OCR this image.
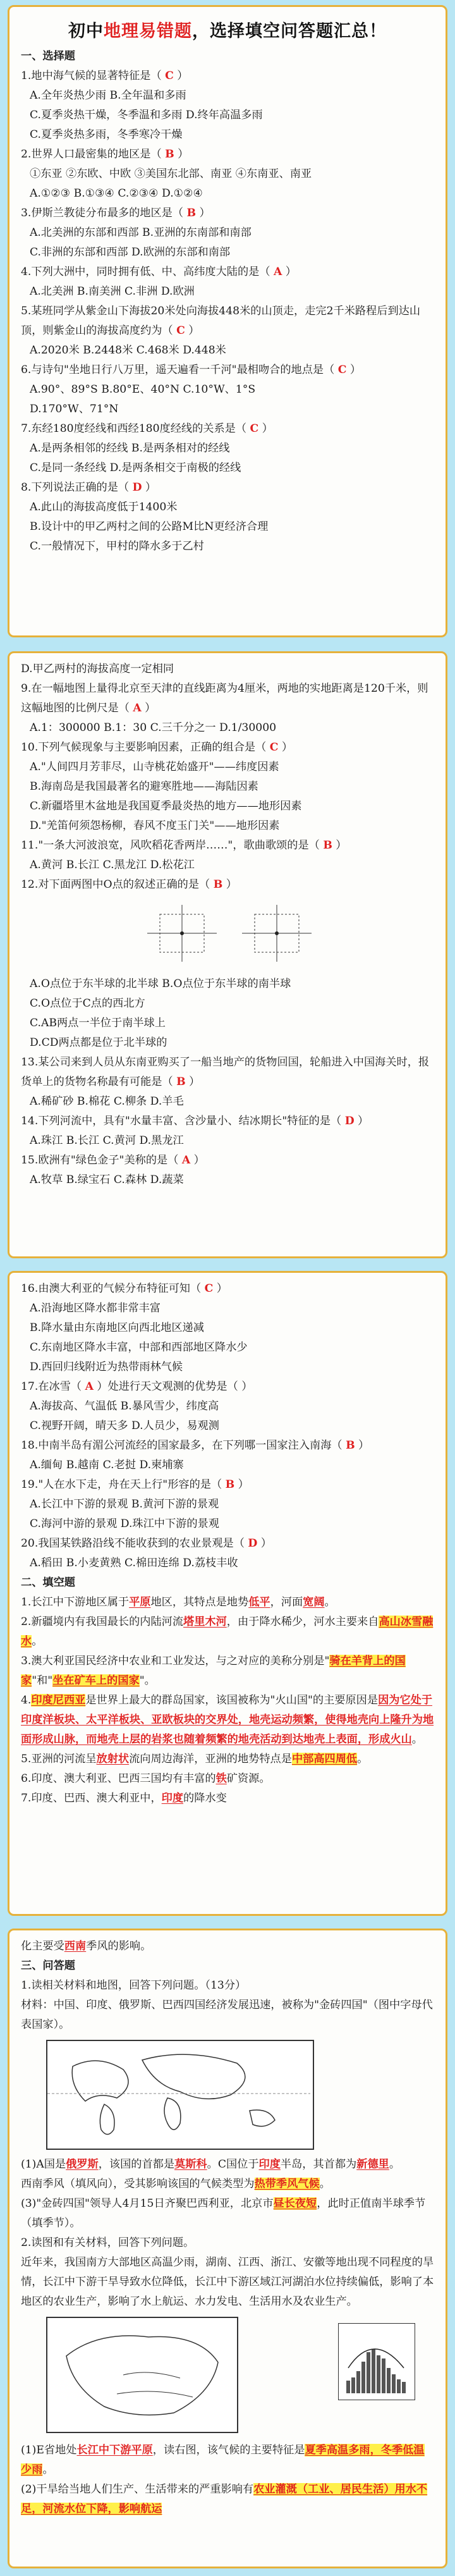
初中地理易错题，选择填空问答题汇总！
一、选择题
1.地中海气候的显著特征是（ C ）
A.全年炎热少雨 B.全年温和多雨
C.夏季炎热干燥，冬季温和多雨 D.终年高温多雨
C.夏季炎热多雨，冬季寒冷干燥
2.世界人口最密集的地区是（ B ）
①东亚 ②东欧、中欧 ③美国东北部、南亚 ④东南亚、南亚
A.①②③ B.①③④ C.②③④ D.①②④
3.伊斯兰教徒分布最多的地区是（ B ）
A.北美洲的东部和西部 B.亚洲的东南部和南部
C.非洲的东部和西部 D.欧洲的东部和南部
4.下列大洲中，同时拥有低、中、高纬度大陆的是（ A ）
A.北美洲 B.南美洲 C.非洲 D.欧洲
5.某班同学从紫金山下海拔20米处向海拔448米的山顶走，走完2千米路程后到达山顶，则紫金山的海拔高度约为（ C ）
A.2020米 B.2448米 C.468米 D.448米
6.与诗句"坐地日行八万里，遥天遍看一千河"最相吻合的地点是（ C ）
A.90°、89°S B.80°E、40°N C.10°W、1°S
D.170°W、71°N
7.东经180度经线和西经180度经线的关系是（ C ）
A.是两条相邻的经线 B.是两条相对的经线
C.是同一条经线 D.是两条相交于南极的经线
8.下列说法正确的是（ D ）
A.此山的海拔高度低于1400米
B.设计中的甲乙两村之间的公路M比N更经济合理
C.一般情况下，甲村的降水多于乙村
D.甲乙两村的海拔高度一定相同
9.在一幅地图上量得北京至天津的直线距离为4厘米，两地的实地距离是120千米，则这幅地图的比例尺是（ A ）
A.1：300000 B.1：30 C.三千分之一 D.1/30000
10.下列气候现象与主要影响因素，正确的组合是（ C ）
A."人间四月芳菲尽，山寺桃花始盛开"——纬度因素
B.海南岛是我国最著名的避寒胜地——海陆因素
C.新疆塔里木盆地是我国夏季最炎热的地方——地形因素
D."羌笛何须怨杨柳，春风不度玉门关"——地形因素
11."一条大河波浪宽，风吹稻花香两岸……"，歌曲歌颂的是（ B ）
A.黄河 B.长江 C.黑龙江 D.松花江
12.对下面两图中O点的叙述正确的是（ B ）
A.O点位于东半球的北半球 B.O点位于东半球的南半球
C.O点位于C点的西北方
C.AB两点一半位于南半球上
D.CD两点都是位于北半球的
13.某公司来到人员从东南亚购买了一船当地产的货物回国，轮船进入中国海关时，报货单上的货物名称最有可能是（ B ）
A.稀矿砂 B.棉花 C.柳条 D.羊毛
14.下列河流中，具有"水量丰富、含沙量小、结冰期长"特征的是（ D ）
A.珠江 B.长江 C.黄河 D.黑龙江
15.欧洲有"绿色金子"美称的是（ A ）
A.牧草 B.绿宝石 C.森林 D.蔬菜
16.由澳大利亚的气候分布特征可知（ C ）
A.沿海地区降水都非常丰富
B.降水量由东南地区向西北地区递减
C.东南地区降水丰富，中部和西部地区降水少
D.西回归线附近为热带雨林气候
17.在冰雪（ A ）处进行天文观测的优势是（ ）
A.海拔高、气温低 B.暴风雪少，纬度高
C.视野开阔，晴天多 D.人员少，易观测
18.中南半岛有湄公河流经的国家最多，在下列哪一国家注入南海（ B ）
A.缅甸 B.越南 C.老挝 D.柬埔寨
19."人在水下走，舟在天上行"形容的是（ B ）
A.长江中下游的景观 B.黄河下游的景观
C.海河中游的景观 D.珠江中下游的景观
20.我国某铁路沿线不能收获到的农业景观是（ D ）
A.稻田 B.小麦黄熟 C.棉田连绵 D.荔枝丰收
二、填空题
1.长江中下游地区属于平原地区，其特点是地势低平，河面宽阔。
2.新疆境内有我国最长的内陆河流塔里木河，由于降水稀少，河水主要来自高山冰雪融水。
3.澳大利亚国民经济中农业和工业发达，与之对应的美称分别是"骑在羊背上的国家"和"坐在矿车上的国家"。
4.印度尼西亚是世界上最大的群岛国家，该国被称为"火山国"的主要原因是因为它处于印度洋板块、太平洋板块、亚欧板块的交界处，地壳运动频繁，使得地壳向上隆升为地面形成山脉，而地壳上层的岩浆也随着频繁的地壳活动到达地壳上表面，形成火山。
5.亚洲的河流呈放射状流向周边海洋，亚洲的地势特点是中部高四周低。
6.印度、澳大利亚、巴西三国均有丰富的铁矿资源。
7.印度、巴西、澳大利亚中，印度的降水变
化主要受西南季风的影响。
三、问答题
1.读相关材料和地图，回答下列问题。（13分）
材料：中国、印度、俄罗斯、巴西四国经济发展迅速，被称为"金砖四国"（图中字母代表国家）。
(1)A国是俄罗斯，该国的首都是莫斯科。C国位于印度半岛，其首都为新德里。
西南季风（填风向），受其影响该国的气候类型为热带季风气候。
(3)"金砖四国"领导人4月15日齐聚巴西利亚，北京市昼长夜短，此时正值南半球季节（填季节）。
2.读图和有关材料，回答下列问题。
近年来，我国南方大部地区高温少雨，湖南、江西、浙江、安徽等地出现不同程度的旱情，长江中下游干旱导致水位降低，长江中下游区域江河湖泊水位持续偏低，影响了本地区的农业生产，影响了水上航运、水力发电、生活用水及农业生产。
(1)E省地处长江中下游平原，读右图，该气候的主要特征是夏季高温多雨，冬季低温少雨。
(2)干旱给当地人们生产、生活带来的严重影响有农业灌溉（工业、居民生活）用水不足，河流水位下降，影响航运
